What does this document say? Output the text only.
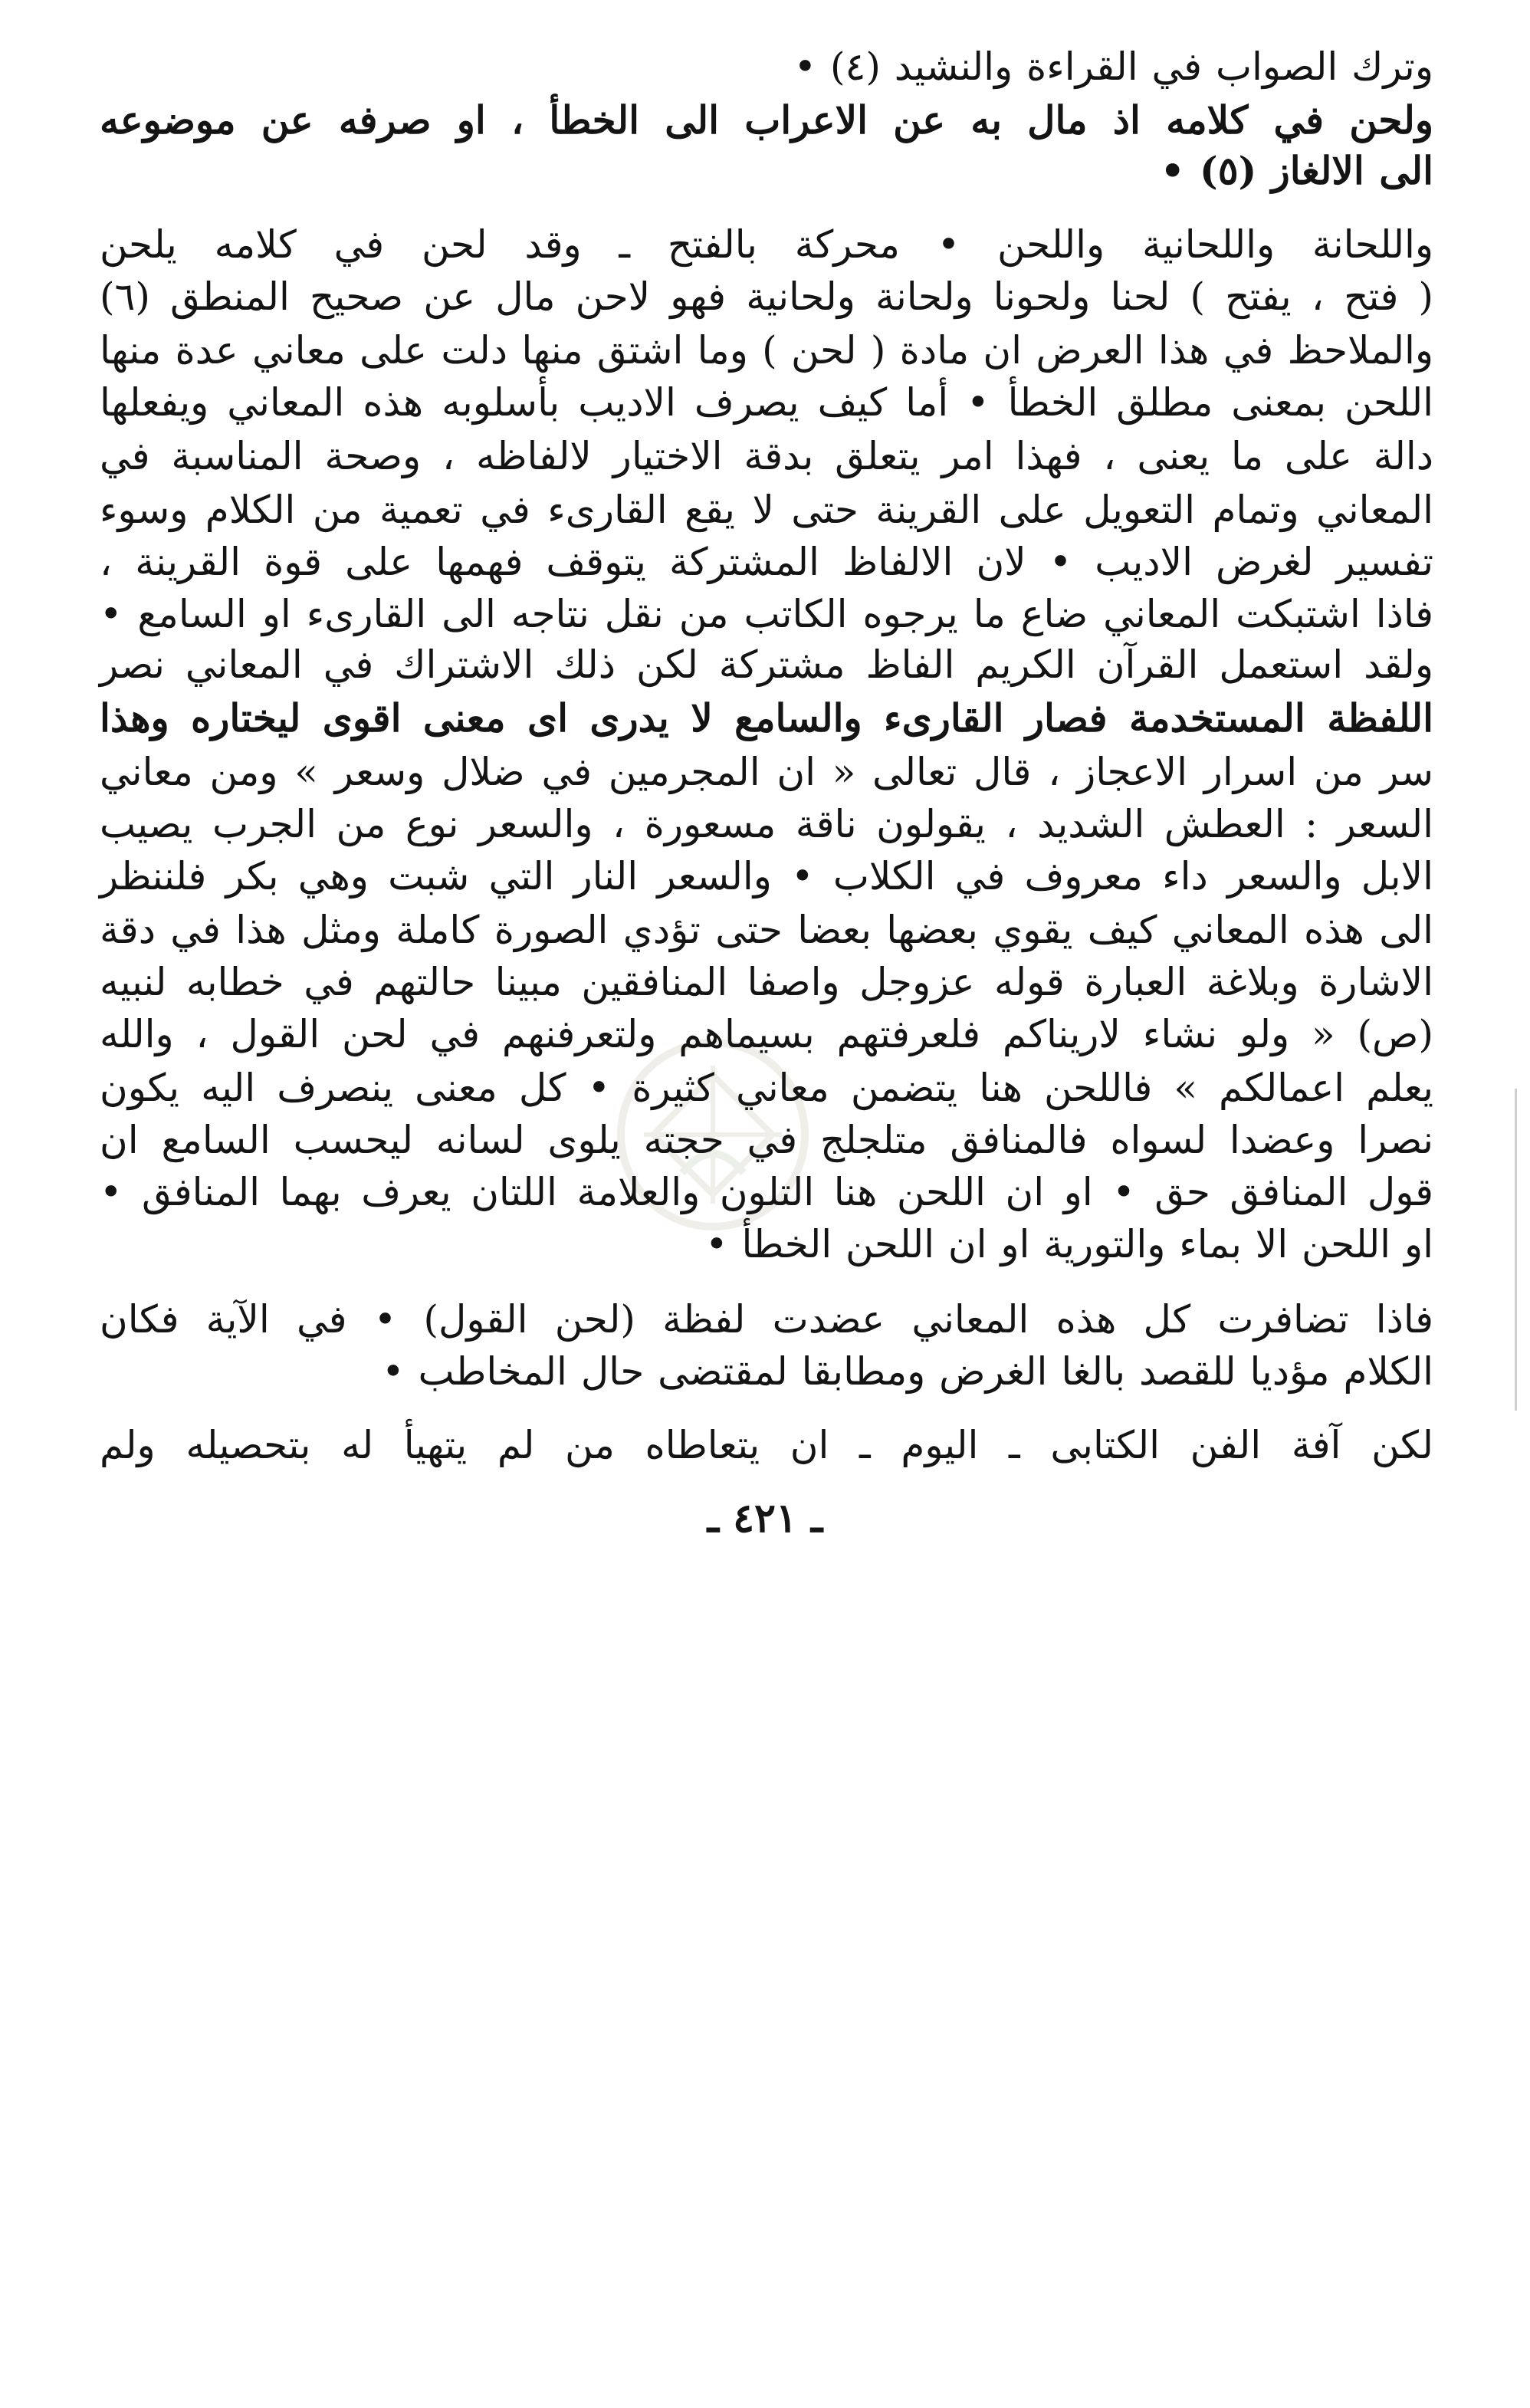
وترك الصواب في القراءة والنشيد (٤) •
ولحن في كلامه اذ مال به عن الاعراب الى الخطأ ، او صرفه عن موضوعه
الى الالغاز (٥) •
واللحانة واللحانية واللحن • محركة بالفتح ـ وقد لحن في كلامه يلحن
( فتح ، يفتح ) لحنا ولحونا ولحانة ولحانية فهو لاحن مال عن صحيح المنطق (٦)
والملاحظ في هذا العرض ان مادة ( لحن ) وما اشتق منها دلت على معاني عدة منها
اللحن بمعنى مطلق الخطأ • أما كيف يصرف الاديب بأسلوبه هذه المعاني ويفعلها
دالة على ما يعنى ، فهذا امر يتعلق بدقة الاختيار لالفاظه ، وصحة المناسبة في
المعاني وتمام التعويل على القرينة حتى لا يقع القارىء في تعمية من الكلام وسوء
تفسير لغرض الاديب • لان الالفاظ المشتركة يتوقف فهمها على قوة القرينة ،
فاذا اشتبكت المعاني ضاع ما يرجوه الكاتب من نقل نتاجه الى القارىء او السامع •
ولقد استعمل القرآن الكريم الفاظ مشتركة لكن ذلك الاشتراك في المعاني نصر
اللفظة المستخدمة فصار القارىء والسامع لا يدرى اى معنى اقوى ليختاره وهذا
سر من اسرار الاعجاز ، قال تعالى « ان المجرمين في ضلال وسعر » ومن معاني
السعر : العطش الشديد ، يقولون ناقة مسعورة ، والسعر نوع من الجرب يصيب
الابل والسعر داء معروف في الكلاب • والسعر النار التي شبت وهي بكر فلننظر
الى هذه المعاني كيف يقوي بعضها بعضا حتى تؤدي الصورة كاملة ومثل هذا في دقة
الاشارة وبلاغة العبارة قوله عزوجل واصفا المنافقين مبينا حالتهم في خطابه لنبيه
(ص) « ولو نشاء لاريناكم فلعرفتهم بسيماهم ولتعرفنهم في لحن القول ، والله
يعلم اعمالكم » فاللحن هنا يتضمن معاني كثيرة • كل معنى ينصرف اليه يكون
نصرا وعضدا لسواه فالمنافق متلجلج في حجته يلوى لسانه ليحسب السامع ان
قول المنافق حق • او ان اللحن هنا التلون والعلامة اللتان يعرف بهما المنافق •
او اللحن الا بماء والتورية او ان اللحن الخطأ •
فاذا تضافرت كل هذه المعاني عضدت لفظة (لحن القول) • في الآية فكان
الكلام مؤديا للقصد بالغا الغرض ومطابقا لمقتضى حال المخاطب •
لكن آفة الفن الكتابى ـ اليوم ـ ان يتعاطاه من لم يتهيأ له بتحصيله ولم
ـ ٤٢١ ـ
